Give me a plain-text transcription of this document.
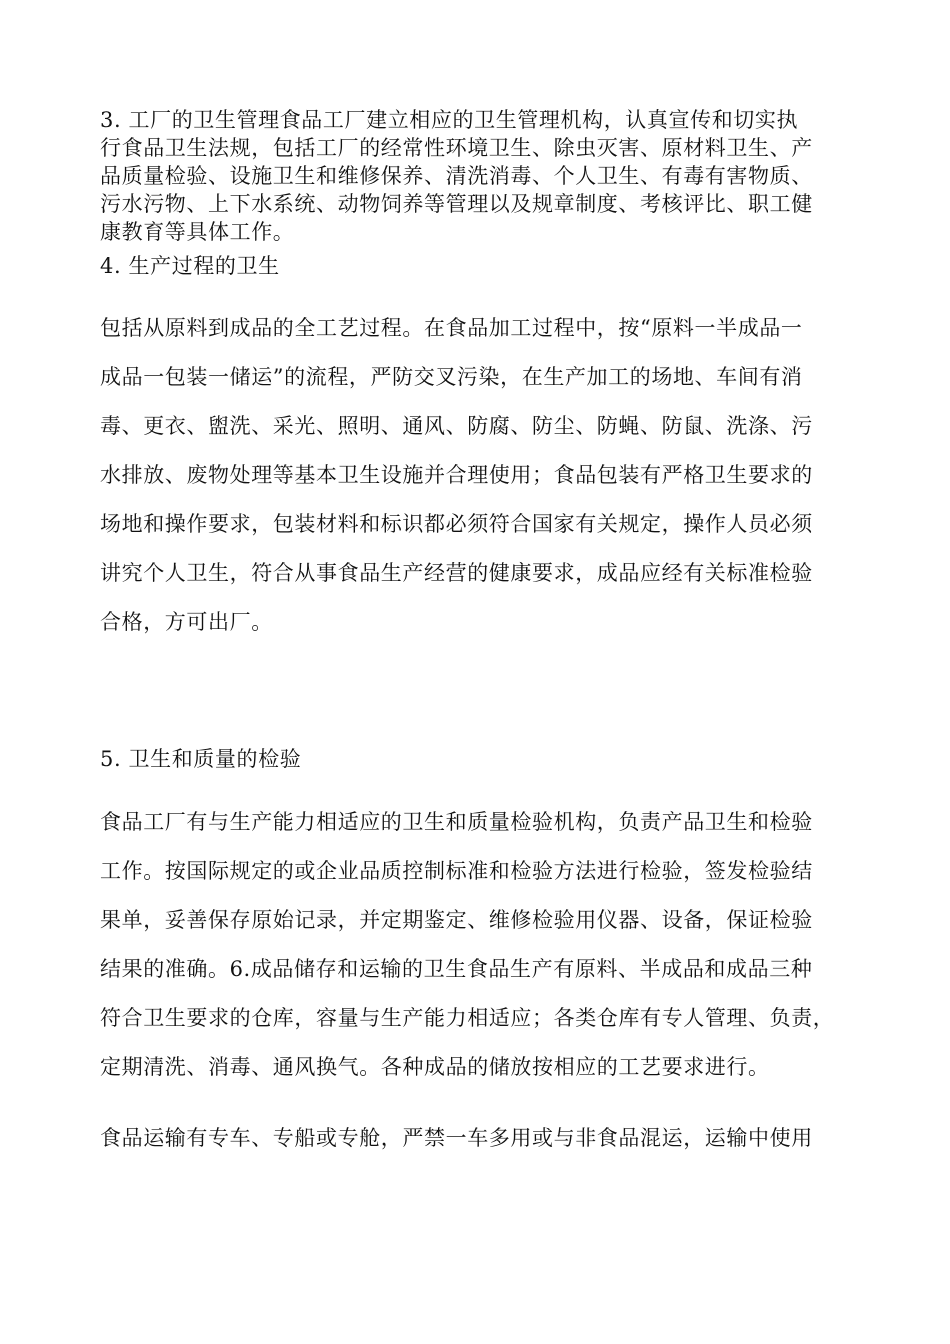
3. 工厂的卫生管理食品工厂建立相应的卫生管理机构，认真宣传和切实执
行食品卫生法规，包括工厂的经常性环境卫生、除虫灭害、原材料卫生、产
品质量检验、设施卫生和维修保养、清洗消毒、个人卫生、有毒有害物质、
污水污物、上下水系统、动物饲养等管理以及规章制度、考核评比、职工健
康教育等具体工作。
4. 生产过程的卫生
包括从原料到成品的全工艺过程。在食品加工过程中，按“原料一半成品一
成品一包装一储运”的流程，严防交叉污染，在生产加工的场地、车间有消
毒、更衣、盥洗、采光、照明、通风、防腐、防尘、防蝇、防鼠、洗涤、污
水排放、废物处理等基本卫生设施并合理使用；食品包装有严格卫生要求的
场地和操作要求，包装材料和标识都必须符合国家有关规定，操作人员必须
讲究个人卫生，符合从事食品生产经营的健康要求，成品应经有关标准检验
合格，方可出厂。
5. 卫生和质量的检验
食品工厂有与生产能力相适应的卫生和质量检验机构，负责产品卫生和检验
工作。按国际规定的或企业品质控制标准和检验方法进行检验，签发检验结
果单，妥善保存原始记录，并定期鉴定、维修检验用仪器、设备，保证检验
结果的准确。6.成品储存和运输的卫生食品生产有原料、半成品和成品三种
符合卫生要求的仓库，容量与生产能力相适应；各类仓库有专人管理、负责，
定期清洗、消毒、通风换气。各种成品的储放按相应的工艺要求进行。
食品运输有专车、专船或专舱，严禁一车多用或与非食品混运，运输中使用
